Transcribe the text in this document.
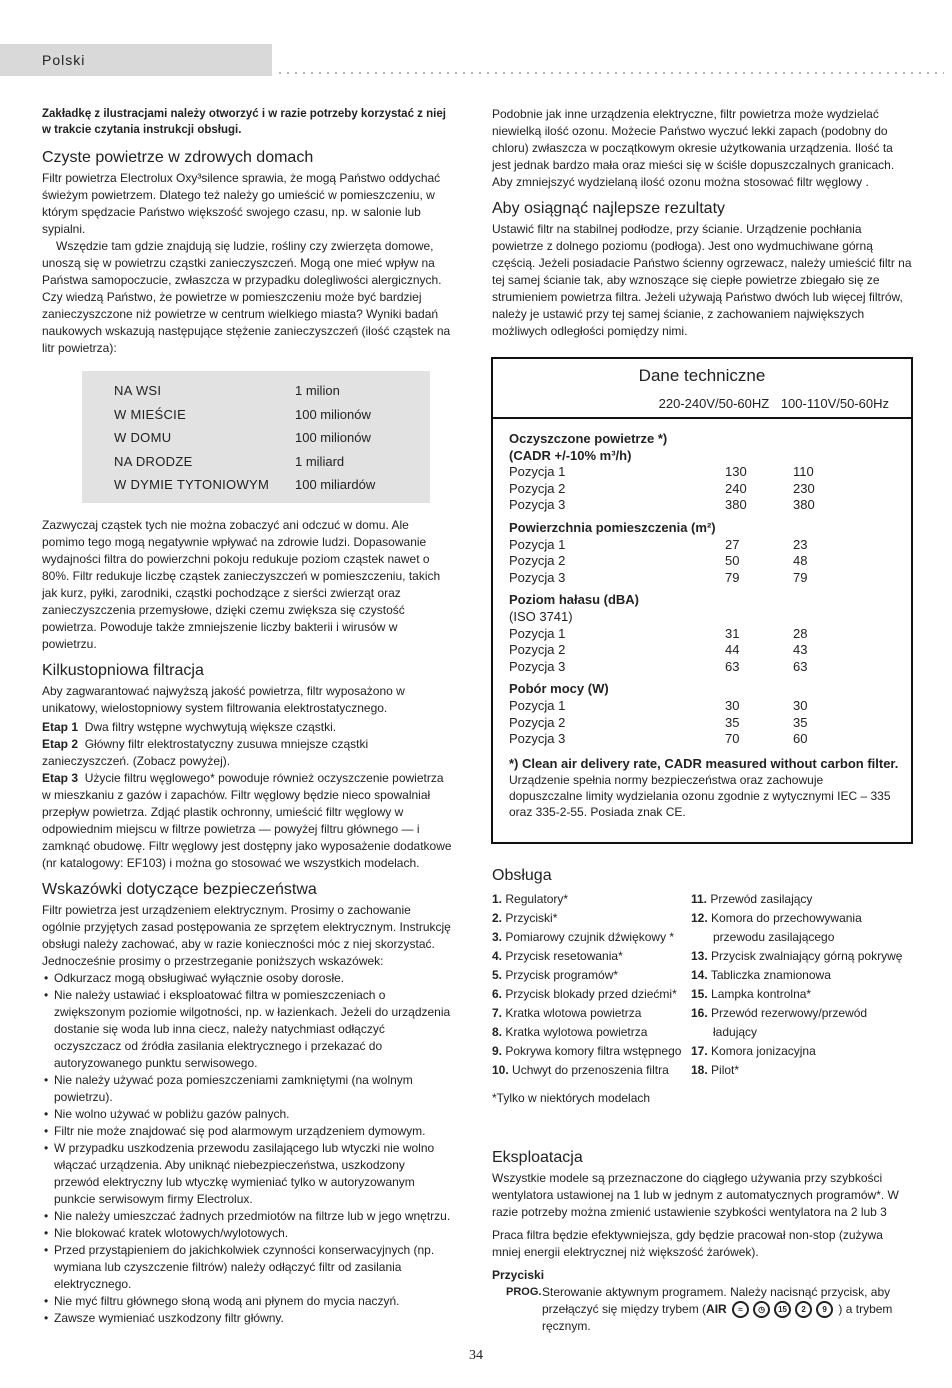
Polski

Zakładkę z ilustracjami należy otworzyć i w razie potrzeby korzystać z niej w trakcie czytania instrukcji obsługi.

Czyste powietrze w zdrowych domach

Filtr powietrza Electrolux Oxy³silence sprawia, że mogą Państwo oddychać świeżym powietrzem. Dlatego też należy go umieścić w pomieszczeniu, w którym spędzacie Państwo większość swojego czasu, np. w salonie lub sypialni.

Wszędzie tam gdzie znajdują się ludzie, rośliny czy zwierzęta domowe, unoszą się w powietrzu cząstki zanieczyszczeń. Mogą one mieć wpływ na Państwa samopoczucie, zwłaszcza w przypadku dolegliwości alergicznych. Czy wiedzą Państwo, że powietrze w pomieszczeniu może być bardziej zanieczyszczone niż powietrze w centrum wielkiego miasta? Wyniki badań naukowych wskazują następujące stężenie zanieczyszczeń (ilość cząstek na litr powietrza):

NA WSI	1 milion
W MIEŚCIE	100 milionów
W DOMU	100 milionów
NA DRODZE	1 miliard
W DYMIE TYTONIOWYM	100 miliardów

Zazwyczaj cząstek tych nie można zobaczyć ani odczuć w domu. Ale pomimo tego mogą negatywnie wpływać na zdrowie ludzi. Dopasowanie wydajności filtra do powierzchni pokoju redukuje poziom cząstek nawet o 80%. Filtr redukuje liczbę cząstek zanieczyszczeń w pomieszczeniu, takich jak kurz, pyłki, zarodniki, cząstki pochodzące z sierści zwierząt oraz zanieczyszczenia przemysłowe, dzięki czemu zwiększa się czystość powietrza. Powoduje także zmniejszenie liczby bakterii i wirusów w powietrzu.

Kilkustopniowa filtracja

Aby zagwarantować najwyższą jakość powietrza, filtr wyposażono w unikatowy, wielostopniowy system filtrowania elektrostatycznego.

Etap 1 Dwa filtry wstępne wychwytują większe cząstki.

Etap 2 Główny filtr elektrostatyczny zusuwa mniejsze cząstki zanieczyszczeń. (Zobacz powyżej).

Etap 3 Użycie filtru węglowego* powoduje również oczyszczenie powietrza w mieszkaniu z gazów i zapachów. Filtr węglowy będzie nieco spowalniał przepływ powietrza. Zdjąć plastik ochronny, umieścić filtr węglowy w odpowiednim miejscu w filtrze powietrza — powyżej filtru głównego — i zamknąć obudowę. Filtr węglowy jest dostępny jako wyposażenie dodatkowe (nr katalogowy: EF103) i można go stosować we wszystkich modelach.

Wskazówki dotyczące bezpieczeństwa

Filtr powietrza jest urządzeniem elektrycznym. Prosimy o zachowanie ogólnie przyjętych zasad postępowania ze sprzętem elektrycznym. Instrukcję obsługi należy zachować, aby w razie konieczności móc z niej skorzystać.

Jednocześnie prosimy o przestrzeganie poniższych wskazówek:

• Odkurzacz mogą obsługiwać wyłącznie osoby dorosłe.
• Nie należy ustawiać i eksploatować filtra w pomieszczeniach o zwiększonym poziomie wilgotności, np. w łazienkach. Jeżeli do urządzenia dostanie się woda lub inna ciecz, należy natychmiast odłączyć oczyszczacz od źródła zasilania elektrycznego i przekazać do autoryzowanego punktu serwisowego.
• Nie należy używać poza pomieszczeniami zamkniętymi (na wolnym powietrzu).
• Nie wolno używać w pobliżu gazów palnych.
• Filtr nie może znajdować się pod alarmowym urządzeniem dymowym.
• W przypadku uszkodzenia przewodu zasilającego lub wtyczki nie wolno włączać urządzenia. Aby uniknąć niebezpieczeństwa, uszkodzony przewód elektryczny lub wtyczkę wymieniać tylko w autoryzowanym punkcie serwisowym firmy Electrolux.
• Nie należy umieszczać żadnych przedmiotów na filtrze lub w jego wnętrzu.
• Nie blokować kratek wlotowych/wylotowych.
• Przed przystąpieniem do jakichkolwiek czynności konserwacyjnych (np. wymiana lub czyszczenie filtrów) należy odłączyć filtr od zasilania elektrycznego.
• Nie myć filtru głównego słoną wodą ani płynem do mycia naczyń.
• Zawsze wymieniać uszkodzony filtr główny.

Podobnie jak inne urządzenia elektryczne, filtr powietrza może wydzielać niewielką ilość ozonu. Możecie Państwo wyczuć lekki zapach (podobny do chloru) zwłaszcza w początkowym okresie użytkowania urządzenia. Ilość ta jest jednak bardzo mała oraz mieści się w ściśle dopuszczalnych granicach. Aby zmniejszyć wydzielaną ilość ozonu można stosować filtr węglowy .

Aby osiągnąć najlepsze rezultaty

Ustawić filtr na stabilnej podłodze, przy ścianie. Urządzenie pochłania powietrze z dolnego poziomu (podłoga). Jest ono wydmuchiwane górną częścią. Jeżeli posiadacie Państwo ścienny ogrzewacz, należy umieścić filtr na tej samej ścianie tak, aby wznoszące się ciepłe powietrze zbiegało się ze strumieniem powietrza filtra. Jeżeli używają Państwo dwóch lub więcej filtrów, należy je ustawić przy tej samej ścianie, z zachowaniem największych możliwych odległości pomiędzy nimi.

Dane techniczne
220-240V/50-60HZ 100-110V/50-60Hz
Oczyszczone powietrze *)
(CADR +/-10% m³/h)
Pozycja 1	130	110
Pozycja 2	240	230
Pozycja 3	380	380
Powierzchnia pomieszczenia (m²)
Pozycja 1	27	23
Pozycja 2	50	48
Pozycja 3	79	79
Poziom hałasu (dBA)
(ISO 3741)
Pozycja 1	31	28
Pozycja 2	44	43
Pozycja 3	63	63
Pobór mocy (W)
Pozycja 1	30	30
Pozycja 2	35	35
Pozycja 3	70	60
*) Clean air delivery rate, CADR measured without carbon filter.
Urządzenie spełnia normy bezpieczeństwa oraz zachowuje dopuszczalne limity wydzielania ozonu zgodnie z wytycznymi IEC – 335 oraz 335-2-55. Posiada znak CE.
Obsługa
1. Regulatory*
2. Przyciski*
3. Pomiarowy czujnik dźwiękowy *
4. Przycisk resetowania*
5. Przycisk programów*
6. Przycisk blokady przed dziećmi*
7. Kratka wlotowa powietrza
8. Kratka wylotowa powietrza
9. Pokrywa komory filtra wstępnego
10. Uchwyt do przenoszenia filtra
11. Przewód zasilający
12. Komora do przechowywania przewodu zasilającego
13. Przycisk zwalniający górną pokrywę
14. Tabliczka znamionowa
15. Lampka kontrolna*
16. Przewód rezerwowy/przewód ładujący
17. Komora jonizacyjna
18. Pilot*

*Tylko w niektórych modelach

Eksploatacja

Wszystkie modele są przeznaczone do ciągłego używania przy szybkości wentylatora ustawionej na 1 lub w jednym z automatycznych programów*. W razie potrzeby można zmienić ustawienie szybkości wentylatora na 2 lub 3

Praca filtra będzie efektywniejsza, gdy będzie pracował non-stop (zużywa mniej energii elektrycznej niż większość żarówek).

Przyciski
PROG. Sterowanie aktywnym programem. Należy nacisnąć przycisk, aby przełączyć się między trybem (AIR ≈ ◷ 15 2 9 ) a trybem ręcznym.
34
